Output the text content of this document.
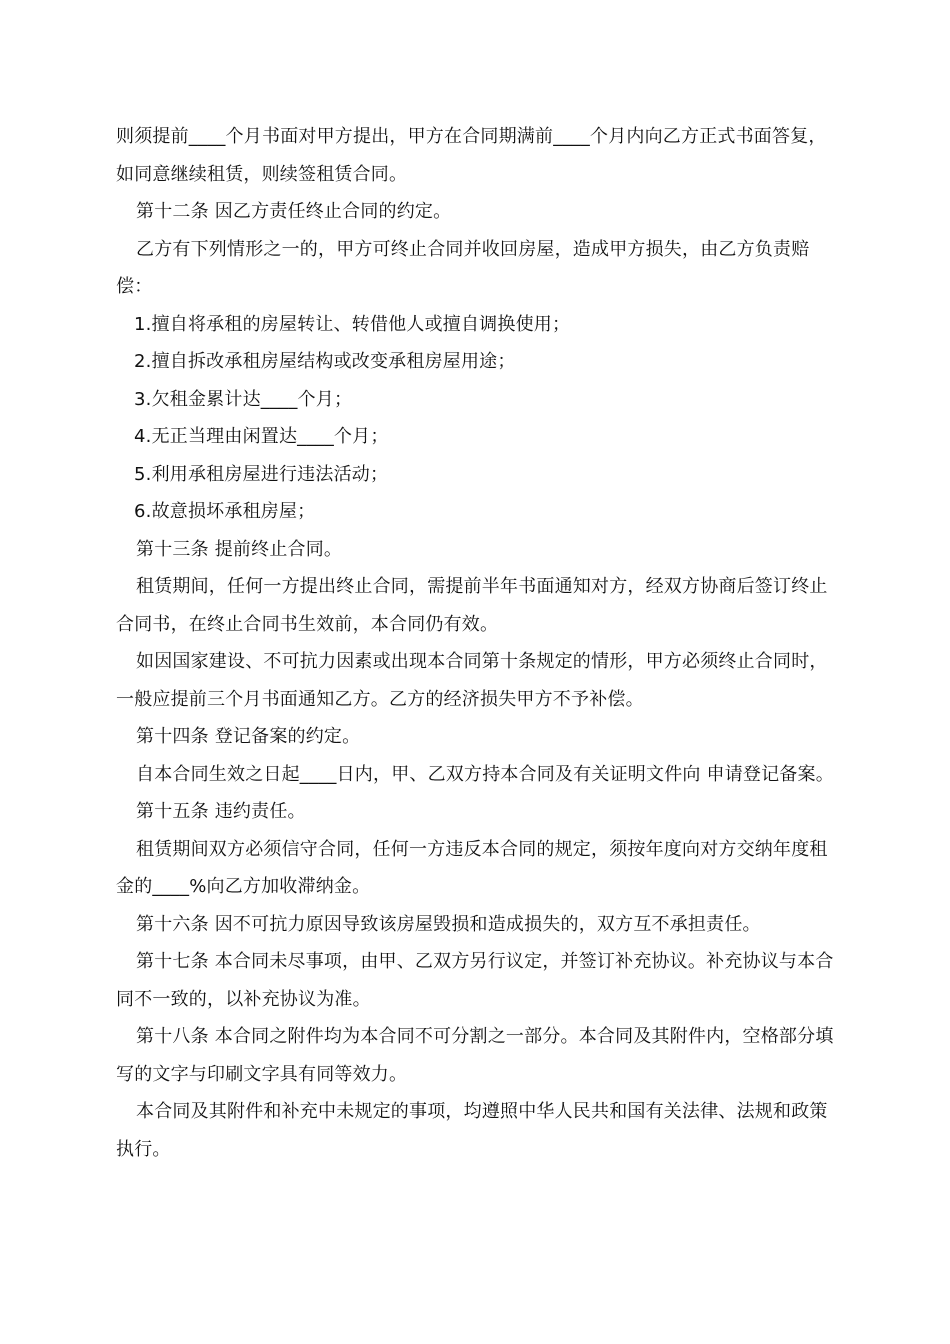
则须提前____个月书面对甲方提出，甲方在合同期满前____个月内向乙方正式书面答复，如同意继续租赁，则续签租赁合同。

第十二条 因乙方责任终止合同的约定。

乙方有下列情形之一的，甲方可终止合同并收回房屋，造成甲方损失，由乙方负责赔偿：

1.擅自将承租的房屋转让、转借他人或擅自调换使用；

2.擅自拆改承租房屋结构或改变承租房屋用途；

3.欠租金累计达____个月；

4.无正当理由闲置达____个月；

5.利用承租房屋进行违法活动；

6.故意损坏承租房屋；

第十三条 提前终止合同。

租赁期间，任何一方提出终止合同，需提前半年书面通知对方，经双方协商后签订终止合同书，在终止合同书生效前，本合同仍有效。

如因国家建设、不可抗力因素或出现本合同第十条规定的情形，甲方必须终止合同时，一般应提前三个月书面通知乙方。乙方的经济损失甲方不予补偿。

第十四条 登记备案的约定。

自本合同生效之日起____日内，甲、乙双方持本合同及有关证明文件向 申请登记备案。

第十五条 违约责任。

租赁期间双方必须信守合同，任何一方违反本合同的规定，须按年度向对方交纳年度租金的____%向乙方加收滞纳金。

第十六条 因不可抗力原因导致该房屋毁损和造成损失的，双方互不承担责任。

第十七条 本合同未尽事项，由甲、乙双方另行议定，并签订补充协议。补充协议与本合同不一致的，以补充协议为准。

第十八条 本合同之附件均为本合同不可分割之一部分。本合同及其附件内，空格部分填写的文字与印刷文字具有同等效力。

本合同及其附件和补充中未规定的事项，均遵照中华人民共和国有关法律、法规和政策执行。
